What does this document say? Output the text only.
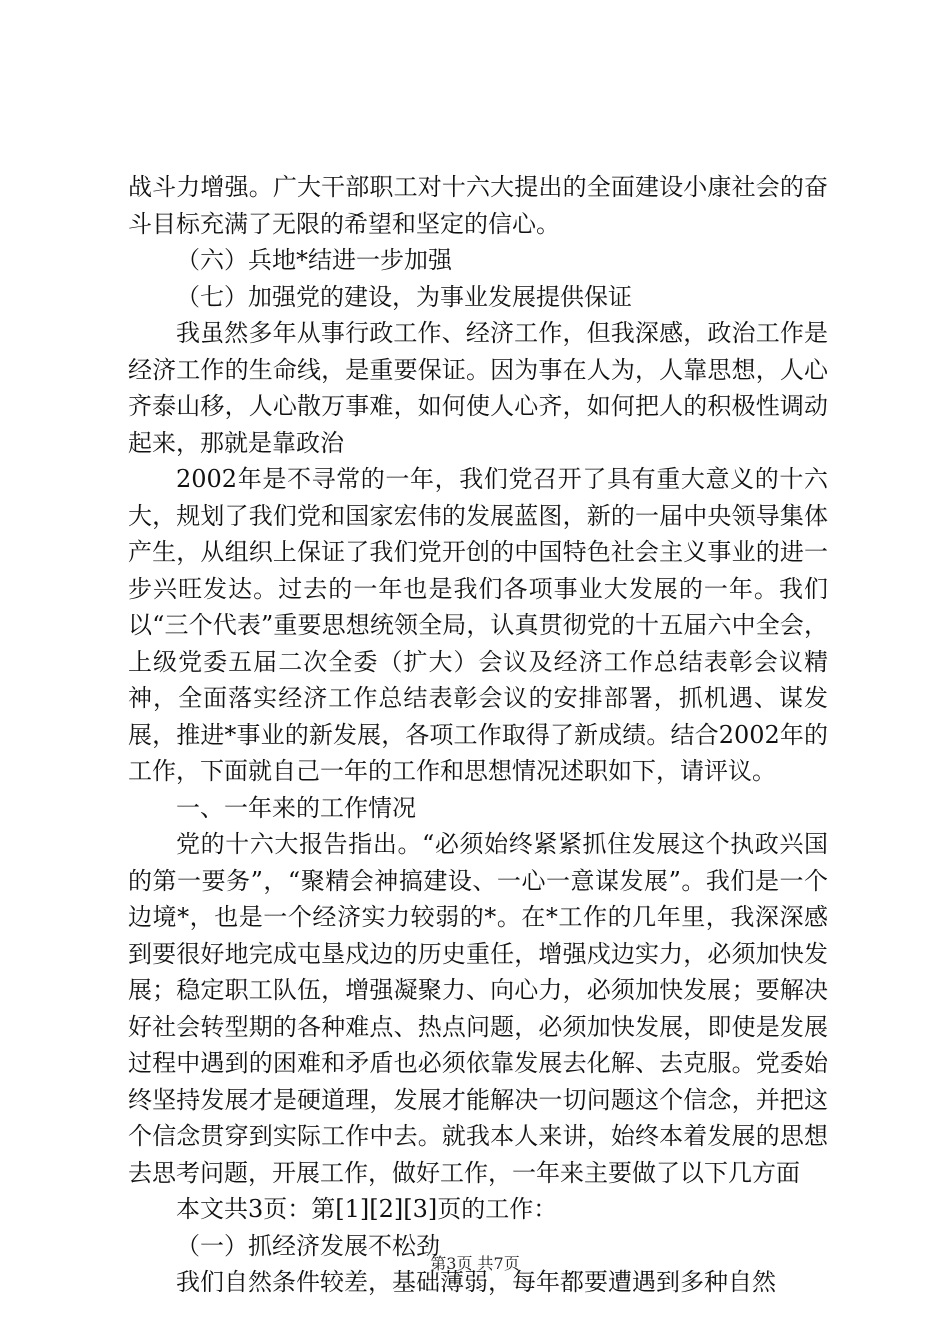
战斗力增强。广大干部职工对十六大提出的全面建设小康社会的奋斗目标充满了无限的希望和坚定的信心。

（六）兵地*结进一步加强

（七）加强党的建设，为事业发展提供保证

我虽然多年从事行政工作、经济工作，但我深感，政治工作是经济工作的生命线，是重要保证。因为事在人为，人靠思想，人心齐泰山移，人心散万事难，如何使人心齐，如何把人的积极性调动起来，那就是靠政治

2002年是不寻常的一年，我们党召开了具有重大意义的十六大，规划了我们党和国家宏伟的发展蓝图，新的一届中央领导集体产生，从组织上保证了我们党开创的中国特色社会主义事业的进一步兴旺发达。过去的一年也是我们各项事业大发展的一年。我们以“三个代表”重要思想统领全局，认真贯彻党的十五届六中全会，上级党委五届二次全委（扩大）会议及经济工作总结表彰会议精神，全面落实经济工作总结表彰会议的安排部署，抓机遇、谋发展，推进*事业的新发展，各项工作取得了新成绩。结合2002年的工作，下面就自己一年的工作和思想情况述职如下，请评议。

一、一年来的工作情况

党的十六大报告指出。“必须始终紧紧抓住发展这个执政兴国的第一要务”，“聚精会神搞建设、一心一意谋发展”。我们是一个边境*，也是一个经济实力较弱的*。在*工作的几年里，我深深感到要很好地完成屯垦戍边的历史重任，增强戍边实力，必须加快发展；稳定职工队伍，增强凝聚力、向心力，必须加快发展；要解决好社会转型期的各种难点、热点问题，必须加快发展，即使是发展过程中遇到的困难和矛盾也必须依靠发展去化解、去克服。党委始终坚持发展才是硬道理，发展才能解决一切问题这个信念，并把这个信念贯穿到实际工作中去。就我本人来讲，始终本着发展的思想去思考问题，开展工作，做好工作，一年来主要做了以下几方面

本文共3页：第[1][2][3]页的工作：

（一）抓经济发展不松劲

我们自然条件较差，基础薄弱，每年都要遭遇到多种自然

第3页 共7页
